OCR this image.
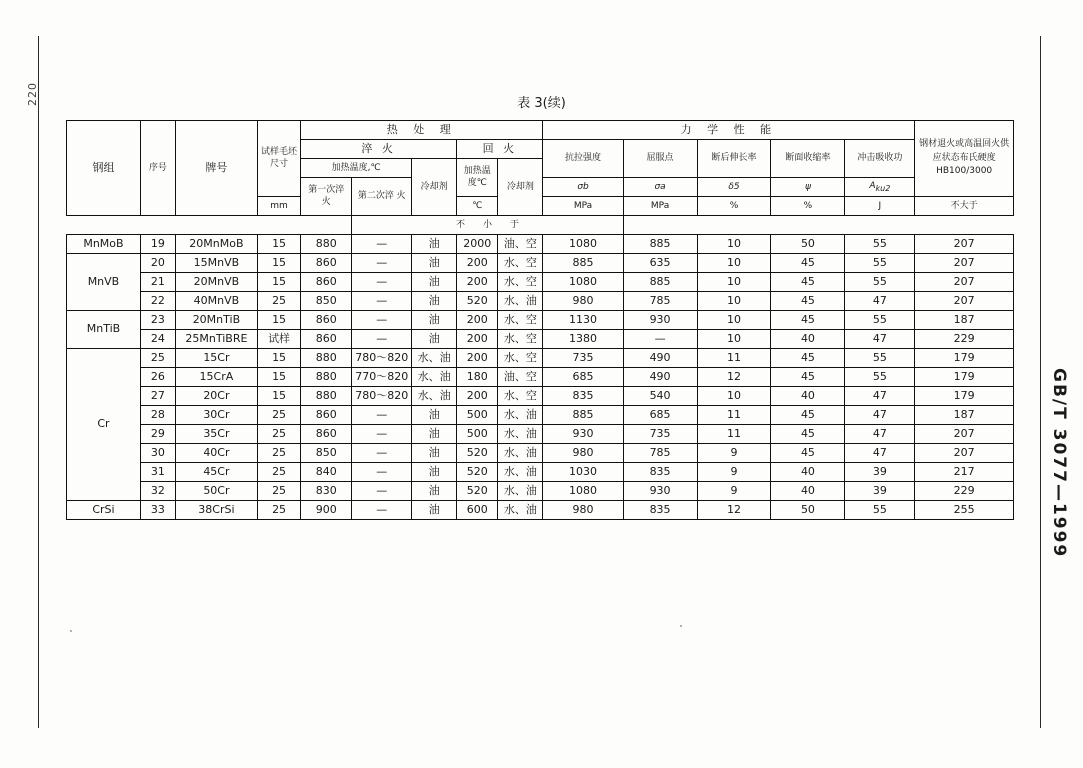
220
GB/T 3077—1999
表 3(续)
钢组	序号	牌号	试样毛坯尺寸	热 处 理					力 学 性 能					钢材退火或高温回火供应状态布氏硬度 HB100/3000
				淬 火			回 火		抗拉强度	屈服点	断后伸长率	断面收缩率	冲击吸收功	
				加热温度,℃		冷却剂	加热温度℃	冷却剂						
				第一次淬 火	第二次淬 火				σb	σa	δ5	ψ	Aku2	
			mm				℃		MPa	MPa	%	%	J	不大于
					不　　小　　于									
MnMoB	19	20MnMoB	15	880	—	油	2000	油、空	1080	885	10	50	55	207
MnVB	20	15MnVB	15	860	—	油	200	水、空	885	635	10	45	55	207
	21	20MnVB	15	860	—	油	200	水、空	1080	885	10	45	55	207
	22	40MnVB	25	850	—	油	520	水、油	980	785	10	45	47	207
MnTiB	23	20MnTiB	15	860	—	油	200	水、空	1130	930	10	45	55	187
	24	25MnTiBRE	试样	860	—	油	200	水、空	1380	—	10	40	47	229
Cr	25	15Cr	15	880	780～820	水、油	200	水、空	735	490	11	45	55	179
	26	15CrA	15	880	770～820	水、油	180	油、空	685	490	12	45	55	179
	27	20Cr	15	880	780～820	水、油	200	水、空	835	540	10	40	47	179
	28	30Cr	25	860	—	油	500	水、油	885	685	11	45	47	187
	29	35Cr	25	860	—	油	500	水、油	930	735	11	45	47	207
	30	40Cr	25	850	—	油	520	水、油	980	785	9	45	47	207
	31	45Cr	25	840	—	油	520	水、油	1030	835	9	40	39	217
	32	50Cr	25	830	—	油	520	水、油	1080	930	9	40	39	229
CrSi	33	38CrSi	25	900	—	油	600	水、油	980	835	12	50	55	255
